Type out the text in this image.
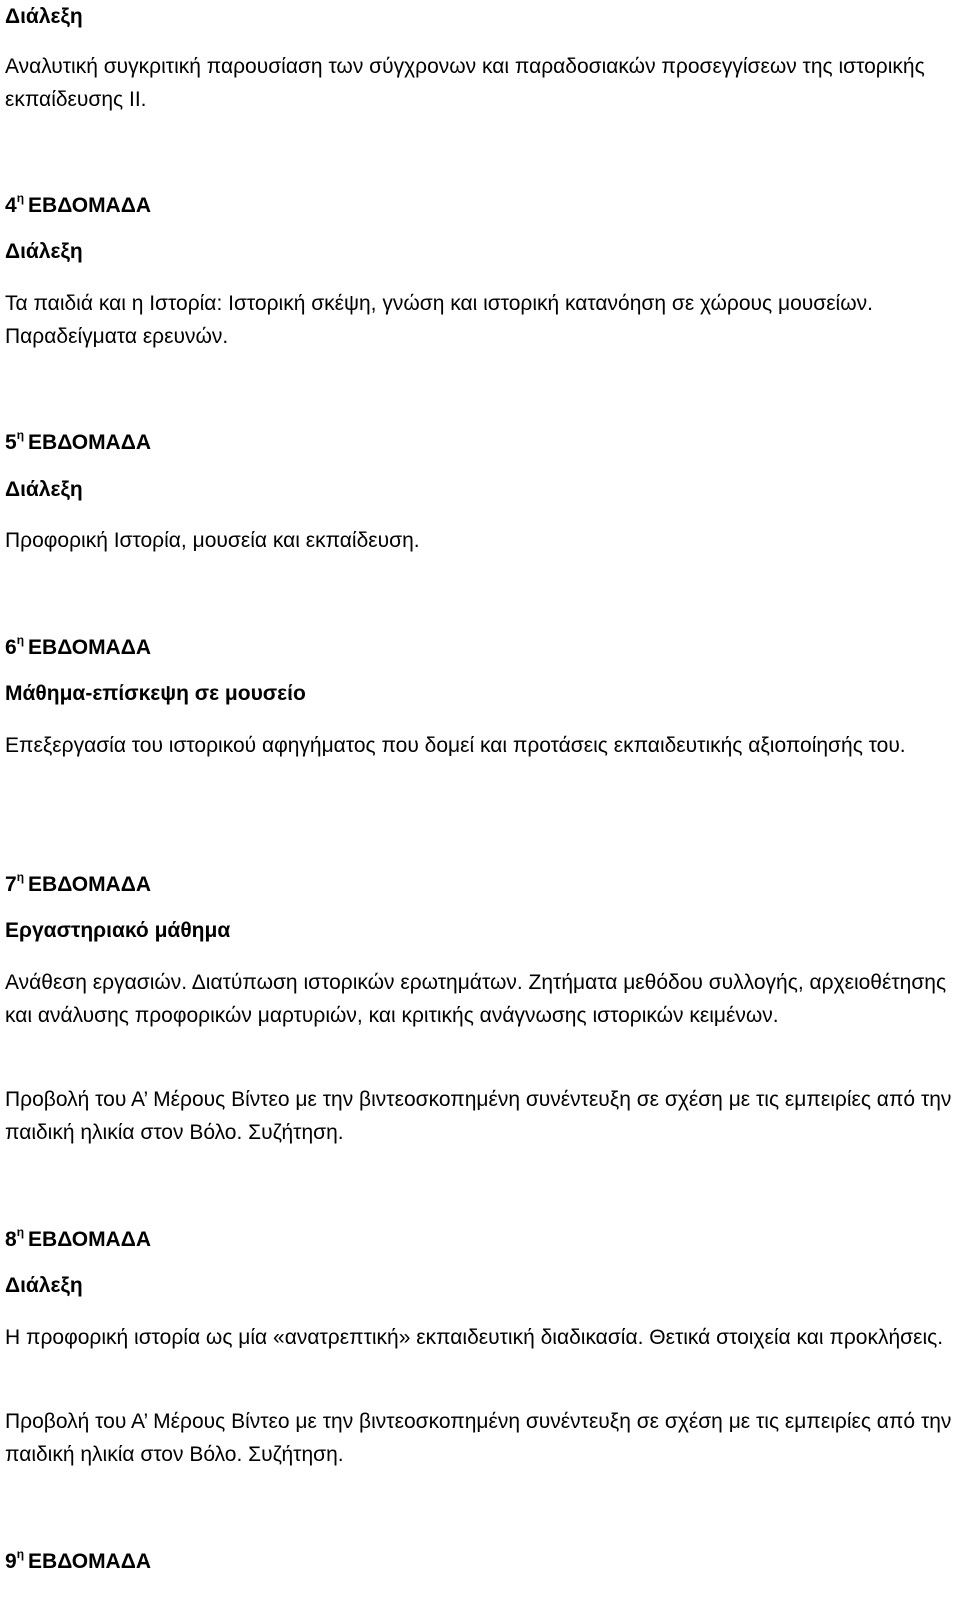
Διάλεξη

Αναλυτική συγκριτική παρουσίαση των σύγχρονων και παραδοσιακών προσεγγίσεων της ιστορικής εκπαίδευσης ΙΙ.

$4^\eta$ ΕΒΔΟΜΑΔΑ

Διάλεξη

Τα παιδιά και η Ιστορία: Ιστορική σκέψη, γνώση και ιστορική κατανόηση σε χώρους μουσείων. Παραδείγματα ερευνών.

$5^\eta$ ΕΒΔΟΜΑΔΑ

Διάλεξη

Προφορική Ιστορία, μουσεία και εκπαίδευση.

$6^\eta$ ΕΒΔΟΜΑΔΑ

Μάθημα-επίσκεψη σε μουσείο

Επεξεργασία του ιστορικού αφηγήματος που δομεί και προτάσεις εκπαιδευτικής αξιοποίησής του.

$7^\eta$ ΕΒΔΟΜΑΔΑ

Εργαστηριακό μάθημα

Ανάθεση εργασιών. Διατύπωση ιστορικών ερωτημάτων. Ζητήματα μεθόδου συλλογής, αρχειοθέτησης και ανάλυσης προφορικών μαρτυριών, και κριτικής ανάγνωσης ιστορικών κειμένων.

Προβολή του Α’ Μέρους Βίντεο με την βιντεοσκοπημένη συνέντευξη σε σχέση με τις εμπειρίες από την παιδική ηλικία στον Βόλο. Συζήτηση.

$8^\eta$ ΕΒΔΟΜΑΔΑ

Διάλεξη

Η προφορική ιστορία ως μία «ανατρεπτική» εκπαιδευτική διαδικασία. Θετικά στοιχεία και προκλήσεις.

Προβολή του Α’ Μέρους Βίντεο με την βιντεοσκοπημένη συνέντευξη σε σχέση με τις εμπειρίες από την παιδική ηλικία στον Βόλο. Συζήτηση.

$9^\eta$ ΕΒΔΟΜΑΔΑ
